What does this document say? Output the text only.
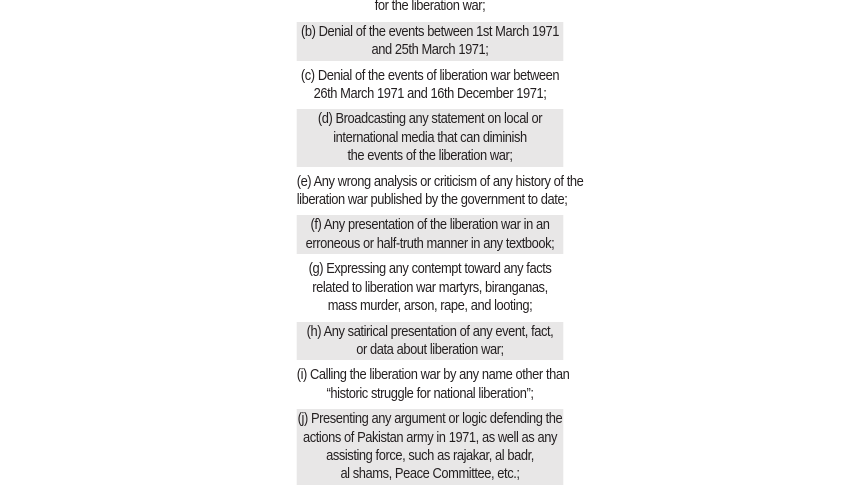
for the liberation war;
(b) Denial of the events between 1st March 1971
and 25th March 1971;
(c) Denial of the events of liberation war between
26th March 1971 and 16th December 1971;
(d) Broadcasting any statement on local or
international media that can diminish
the events of the liberation war;
(e) Any wrong analysis or criticism of any history of the
liberation war published by the government to date;
(f) Any presentation of the liberation war in an
erroneous or half-truth manner in any textbook;
(g) Expressing any contempt toward any facts
related to liberation war martyrs, biranganas,
mass murder, arson, rape, and looting;
(h) Any satirical presentation of any event, fact,
or data about liberation war;
(i) Calling the liberation war by any name other than
“historic struggle for national liberation”;
(j) Presenting any argument or logic defending the
actions of Pakistan army in 1971, as well as any
assisting force, such as rajakar, al badr,
al shams, Peace Committee, etc.;
